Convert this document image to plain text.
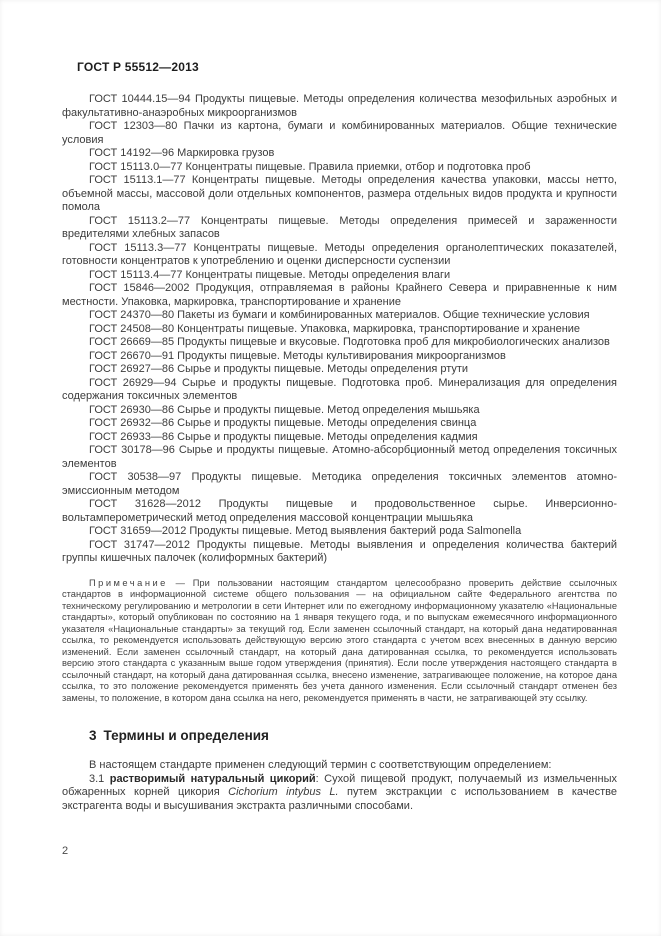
ГОСТ Р 55512—2013

ГОСТ 10444.15—94 Продукты пищевые. Методы определения количества мезофильных аэробных и факультативно-анаэробных микроорганизмов

ГОСТ 12303—80 Пачки из картона, бумаги и комбинированных материалов. Общие технические условия

ГОСТ 14192—96 Маркировка грузов

ГОСТ 15113.0—77 Концентраты пищевые. Правила приемки, отбор и подготовка проб

ГОСТ 15113.1—77 Концентраты пищевые. Методы определения качества упаковки, массы нетто, объемной массы, массовой доли отдельных компонентов, размера отдельных видов продукта и крупности помола

ГОСТ 15113.2—77 Концентраты пищевые. Методы определения примесей и зараженности вредителями хлебных запасов

ГОСТ 15113.3—77 Концентраты пищевые. Методы определения органолептических показателей, готовности концентратов к употреблению и оценки дисперсности суспензии

ГОСТ 15113.4—77 Концентраты пищевые. Методы определения влаги

ГОСТ 15846—2002 Продукция, отправляемая в районы Крайнего Севера и приравненные к ним местности. Упаковка, маркировка, транспортирование и хранение

ГОСТ 24370—80 Пакеты из бумаги и комбинированных материалов. Общие технические условия

ГОСТ 24508—80 Концентраты пищевые. Упаковка, маркировка, транспортирование и хранение

ГОСТ 26669—85 Продукты пищевые и вкусовые. Подготовка проб для микробиологических анализов

ГОСТ 26670—91 Продукты пищевые. Методы культивирования микроорганизмов

ГОСТ 26927—86 Сырье и продукты пищевые. Методы определения ртути

ГОСТ 26929—94 Сырье и продукты пищевые. Подготовка проб. Минерализация для определения содержания токсичных элементов

ГОСТ 26930—86 Сырье и продукты пищевые. Метод определения мышьяка

ГОСТ 26932—86 Сырье и продукты пищевые. Методы определения свинца

ГОСТ 26933—86 Сырье и продукты пищевые. Методы определения кадмия

ГОСТ 30178—96 Сырье и продукты пищевые. Атомно-абсорбционный метод определения токсичных элементов

ГОСТ 30538—97 Продукты пищевые. Методика определения токсичных элементов атомно-эмиссионным методом

ГОСТ 31628—2012 Продукты пищевые и продовольственное сырье. Инверсионно-вольтамперометрический метод определения массовой концентрации мышьяка

ГОСТ 31659—2012 Продукты пищевые. Метод выявления бактерий рода Salmonella

ГОСТ 31747—2012 Продукты пищевые. Методы выявления и определения количества бактерий группы кишечных палочек (колиформных бактерий)

Примечание — При пользовании настоящим стандартом целесообразно проверить действие ссылочных стандартов в информационной системе общего пользования — на официальном сайте Федерального агентства по техническому регулированию и метрологии в сети Интернет или по ежегодному информационному указателю «Национальные стандарты», который опубликован по состоянию на 1 января текущего года, и по выпускам ежемесячного информационного указателя «Национальные стандарты» за текущий год. Если заменен ссылочный стандарт, на который дана недатированная ссылка, то рекомендуется использовать действующую версию этого стандарта с учетом всех внесенных в данную версию изменений. Если заменен ссылочный стандарт, на который дана датированная ссылка, то рекомендуется использовать версию этого стандарта с указанным выше годом утверждения (принятия). Если после утверждения настоящего стандарта в ссылочный стандарт, на который дана датированная ссылка, внесено изменение, затрагивающее положение, на которое дана ссылка, то это положение рекомендуется применять без учета данного изменения. Если ссылочный стандарт отменен без замены, то положение, в котором дана ссылка на него, рекомендуется применять в части, не затрагивающей эту ссылку.
3 Термины и определения

В настоящем стандарте применен следующий термин с соответствующим определением:

3.1 растворимый натуральный цикорий: Сухой пищевой продукт, получаемый из измельченных обжаренных корней цикория Cichorium intybus L. путем экстракции с использованием в качестве экстрагента воды и высушивания экстракта различными способами.

2
